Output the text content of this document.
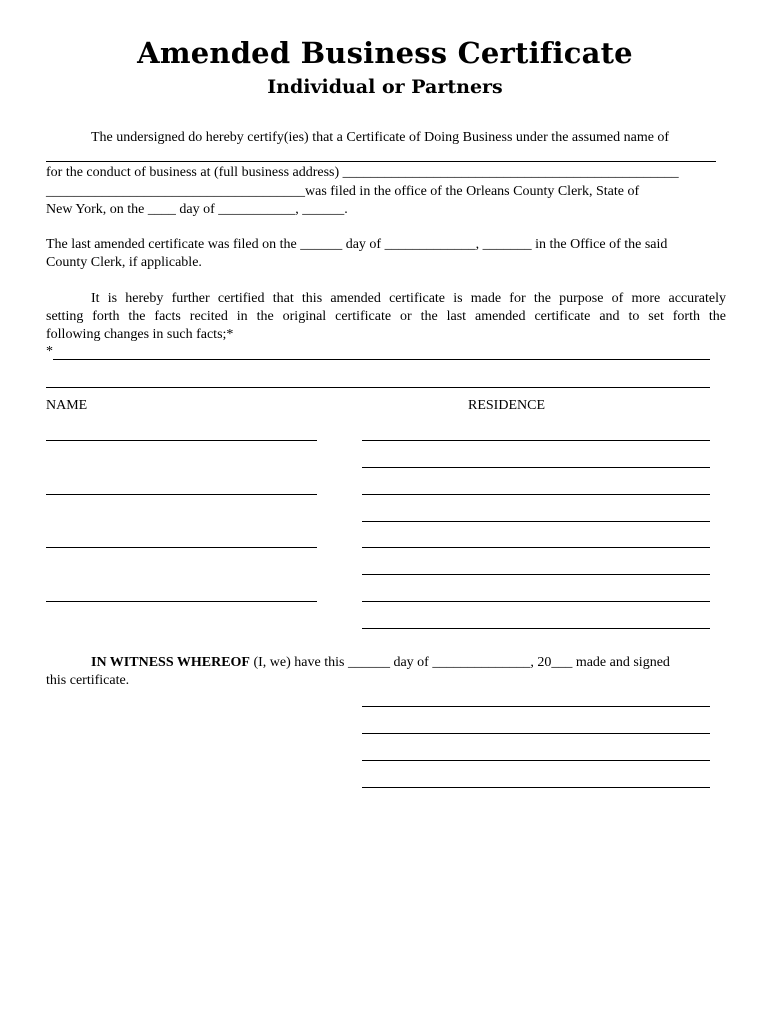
Amended Business Certificate
Individual or Partners
The undersigned do hereby certify(ies) that a Certificate of Doing Business under the assumed name of
for the conduct of business at (full business address) ________________________________________________
_____________________________________was filed in the office of the Orleans County Clerk, State of
New York, on the ____ day of ___________, ______.
The last amended certificate was filed on the ______ day of _____________, _______ in the Office of the said
County Clerk, if applicable.
It is hereby further certified that this amended certificate is made for the purpose of more accurately
setting forth the facts recited in the original certificate or the last amended certificate and to set forth the
following changes in such facts;*
*
NAME	RESIDENCE
IN WITNESS WHEREOF (I, we) have this ______ day of ______________, 20___ made and signed
this certificate.
